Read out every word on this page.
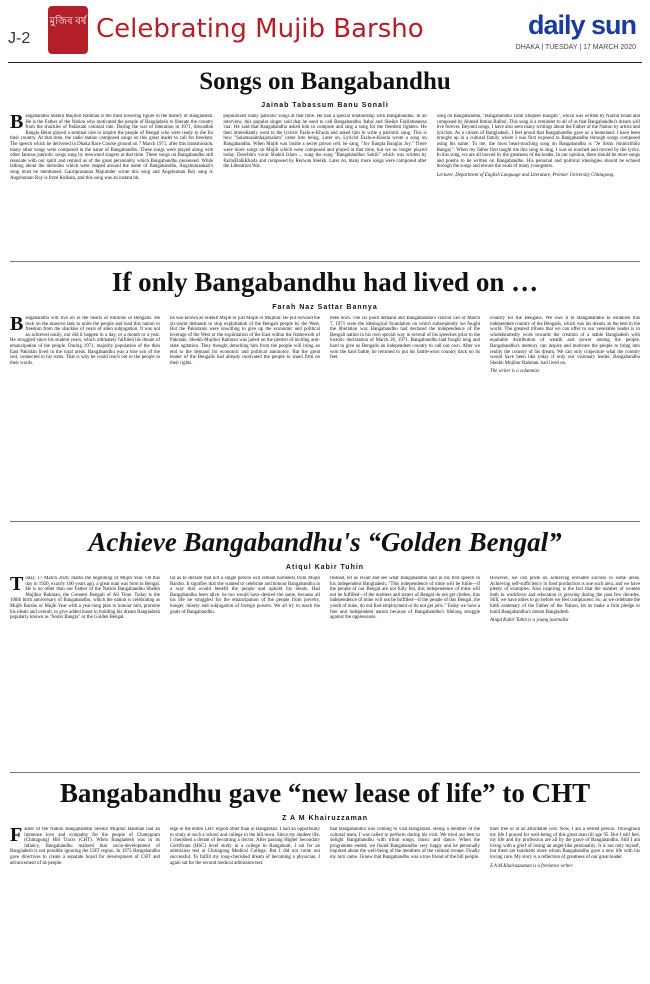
J-2
মুজিব বর্ষ Celebrating Mujib Barsho	daily sun
DHAKA | TUESDAY | 17 MARCH 2020
Songs on Bangabandhu
Jainab Tabassum Banu Sonali
Bangabandhu Sheikh Mujibur Rahman is the most towering figure in the history of Bangladesh. He is the Father of the Nation who motivated the people of Bangladesh to liberate the country from the shackles of Pakistani colonial rule. During the war of liberation in 1971, Shwadhin Bangla Betar played a seminal role to inspire the people of Bengal who were ready to die for their country. At that time, the radio station composed songs on this great leader to call for freedom. The speech which he delivered in Dhaka Race Course ground on 7 March 1971, after this transmission, many other songs were composed in the name of Bangabandhu. These songs were played along with other famous patriotic songs sung by renowned singers at that time. These songs on Bangabandhu still resonate with our spirit and remind us of the great personality which Bangabandhu possessed. While talking about the melodies which were shaped around the name of Bangabandhu, Angshumankari's song must be mentioned. Gauriprasanna Majumder wrote this song and Angshuman Roy sang it. Angshuman Roy is from Kolkata, and this song was an instant hit.
popularized many patriotic songs at that time. He had a special relationship with Bangabandhu. In an interview, this popular singer said that he used to call Bangabandhu 'baba' and Sheikh Fazilatunnesa 'ma'. He said that Bangabandhu asked him to compose and sing a song for the freedom fighters. He then immediately went to the lyricist Fazlu-e-Khoda and asked him to write a patriotic song. This is how "Salamsalamhajarsalam" came into being. Later on, Lyricist Fazlu-e-Khoda wrote a song on Bangabandhu. When Mujib was inside a secret prison cell, he sang, "Joy Bangla Banglar Joy." There were more songs on Mujib which were composed and played at that time, but we no longer played today. Doorbin's vocal Shahid Islam ... sung the song "Bangabandhur Soktii" which was written by FazluElahiKhoda and composed by Rezwan Sheikh. Later on, many more songs were composed after the Liberation War.
song on Bangabandhu, "Bangabandhu Tumi Shopner Bangali", which was written by Nazrul Islam and composed by Ahmed Imtiaz Bulbul. This song is a reminder to all of us that Bangabandhu's dream will live forever. Beyond songs, I have also seen many writings about the Father of the Nation by artists and lyricists. As a citizen of Bangladesh, I feel proud that Bangabandhu gave us a homeland. I have been brought up in a cultural family where I was first exposed to Bangabandhu through songs composed using his name. To me, the most heart-touching song on Bangabandhu is "Je Sishu Jonmichhilo Bangay". When my father first taught me this song to sing, I was so touched and moved by the lyrics. In this song, we are all moved by the greatness of the leader. In our opinion, there should be more songs and poems to be written on Bangabandhu. His personal and political ideologies should be echoed through the songs and ensure the souls of many youngsters.

Lecturer, Department of English Language and Literature, Premier University Chittagong.

If only Bangabandhu had lived on …
Farah Naz Sattar Bannya
Bangabandhu will live on in the hearts of millions of Bengalis. He took on the massive task to unite the people and lead this nation to freedom from the shackles of years of alien subjugation. It was not an achieved easily, nor did it happen in a day, or a month or a year. He struggled since his student years, which ultimately fulfilled his dream of emancipation of the people. During 1971, majority population of the then East Pakistan lived in the rural areas. Bangabandhu was a true son of the soil, connected to his roots. That is why he could reach out to the people in their words.
ba was known as Sheikh Mujib or just Mujib or Mujibur. He put forward the six-point demands to stop exploitation of the Bengali people by the West. But the Pakistanis were unwilling to give up the economic and political leverage of the West or the exploitation of the East within the framework of Pakistan. Sheikh Mujibur Rahman was jailed on the pretext of inciting anti-state agitation. They thought detaching him from the people will bring an end to the demand for economic and political autonomy. But the great leader of the Bengalis had already motivated the people to stand firm on their rights.
been born. The six point demand and Bangabandhu's clarion call of March 7, 1971 were the ideological foundation on which subsequently we fought the liberation war. Bangabandhu had declared the independence of the Bengali nation in his own special way in several of his speeches prior to the historic declaration of March 26, 1971. Bangabandhu had fought long and hard to give us Bengalis an independent country to call our own. After we won the hard battle, he returned to put his battle-worn country back on its feet.
country for the Bengalis. We owe it to Bangabandhu to establish this independent country of the Bengalis, which was his dream, as the best in the world. The greatest tribute that we can offer to our venerable leader is to wholeheartedly work towards the creation of a stable Bangladesh with equitable distribution of wealth and power among the people. Bangabandhu's memory can inspire and motivate the people to bring into reality the country of his dream. We can only conjecture what the country would have been like today if only our visionary leader, Bangabandhu Sheikh Mujibur Rahman, had lived on.

The writer is a columnist.

Achieve Bangabandhu's “Golden Bengal”
Atiqul Kabir Tuhin
Today, 17 March 2020, marks the beginning of Mujib Year. On this day in 1920, exactly 100 years ago, a great man was born in Bengal. He is no other than our Father of the Nation Bangabandhu Sheikh Mujibur Rahman, the Greatest Bengali of All Time. Today is the 100th birth anniversary of Bangabandhu, which the nation is celebrating as Mujib Barsho or Mujib Year with a year-long plan to honour him, promote his ideals and overall, to give added boost to building his dream Bangladesh popularly known as "Sonar Bangla" or the Golden Bengal.
far as to declare that not a single person will remain homeless from Mujib Barsho. It signifies that she wanted to celebrate and honour Bangabandhu in a way that would benefit the people and uphold his ideals. Had Bangabandhu been alive, he too would have desired the same, because all his life he struggled for the emancipation of the people from poverty, hunger, misery and subjugation of foreign powers. We all try to reach the goals of Bangabandhu.
Instead, let us recall and see what Bangabandhu said in his first speech in his independent Bangladesh, "This independence of mine will be futile—if the people of our Bengal are not fully fed, this independence of mine will not be fulfilled—if the mothers and sisters of Bengal do not get clothes, this independence of mine will not be fulfilled—if the people of this Bengal, the youth of mine, do not find employment or do not get jobs." Today we have a free and independent nation because of Bangabandhu's lifelong struggle against the oppressions.
However, we can pride on achieving enviable success in some areas. Achieving self-sufficiency in food production is one such area, and we have plenty of examples. Also inspiring is the fact that the number of women both in workforce and education is growing during the past few decades. Still, we have miles to go before we feel complacent. So, as we celebrate the birth centenary of the Father of the Nation, let us make a firm pledge to build Bangabandhu's dream Bangladesh.

Atiqul Kabir Tuhin is a young journalist

Bangabandhu gave “new lease of life” to CHT
Z A M Khairuzzaman
Father of the Nation Bangabandhu Sheikh Mujibur Rahman had an immense love and sympathy for the people of Chattogram (Chittagong) Hill Tracts (CHT). When Bangladesh was in its infancy, Bangabandhu realized that socio-development of Bangladesh is not possible ignoring the CHT region. In 1973 Bangabandhu gave directives to create a separate board for development of CHT and advancement of its people.
lege in the entire CHT region other than in Rangamati. I had an opportunity to study at such a school and college in the hill town. Since my student life, I cherished a dream of becoming a doctor. After passing Higher Secondary Certificate (HSC) level study in a college in Rangamati, I sat for an admission test at Chittagong Medical College. But I did not come out successful. To fulfill my long-cherished dream of becoming a physician, I again sat for the second medical admission test.
that Bangabandhu was coming to visit Rangamati. Being a member of the cultural team, I was called to perform during his visit. We tried our best to delight Bangabandhu with tribal songs, music and dance. When the programme ended, we found Bangabandhu very happy and he personally inquired about the well-being of the members of the cultural troupe. Finally my turn came. I knew that Bangabandhu was a true friend of the hill people.
thier free or at an affordable cost. Now, I am a retired person. Throughout my life I prayed for well-being of this great man till age 95. But I still feel, my life and my profession are all by the grace of Bangabandhu. Still I am living with a grief of losing an angel-like personality. It is not only myself, but there are hundreds more whom Bangabandhu gave a new life with his loving care. My story is a reflection of greatness of our great leader.

Z A M Khairuzzaman is a freelance writer.
